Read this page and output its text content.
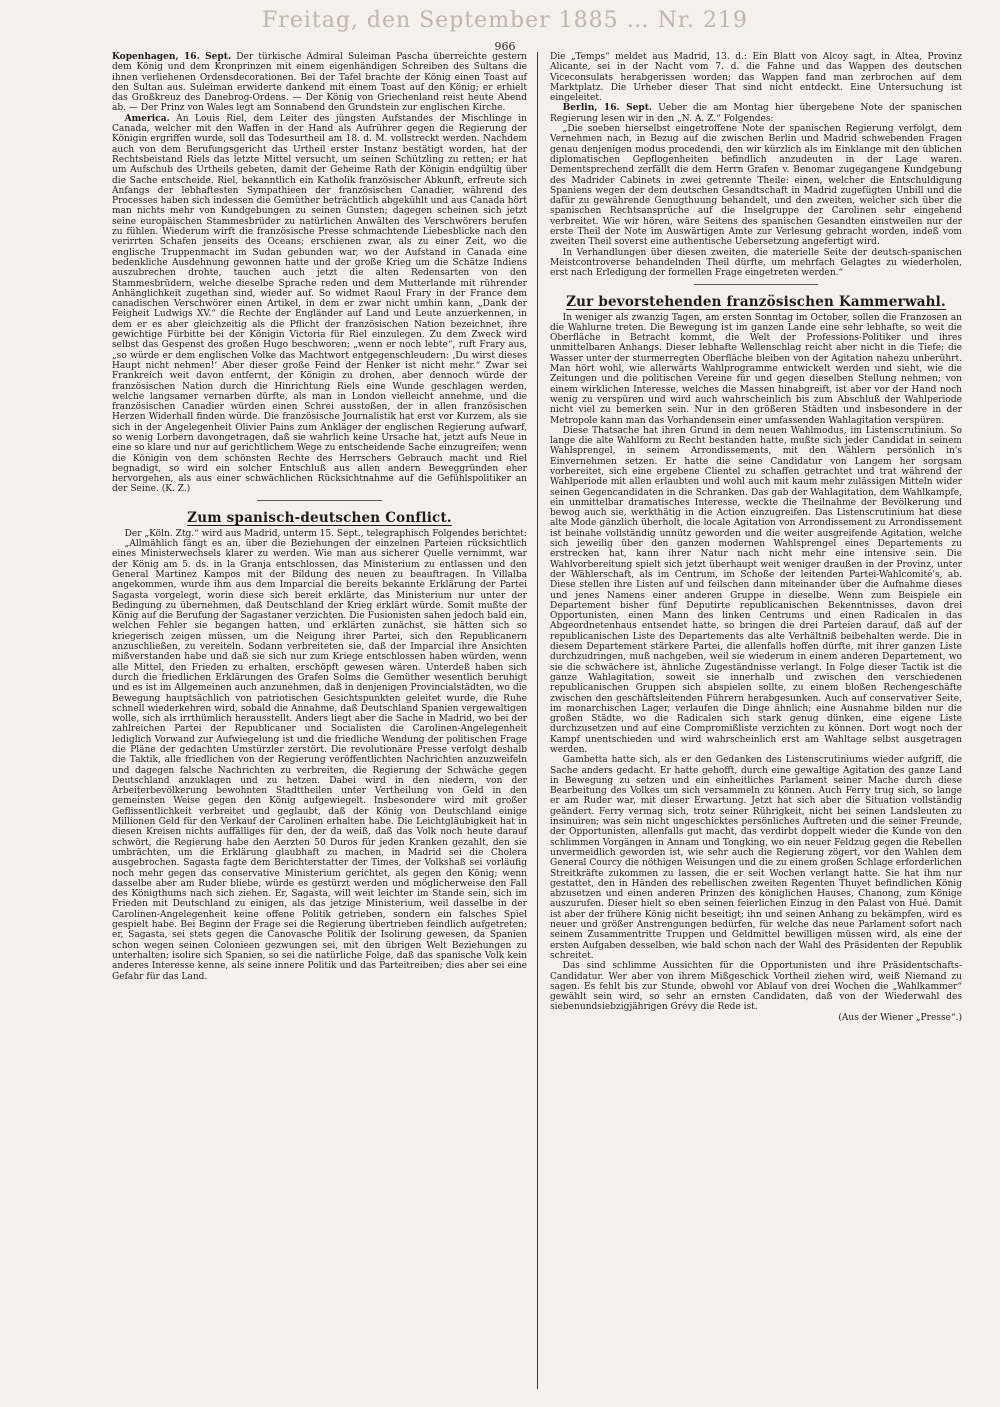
Freitag, den September 1885 … Nr. 219
966

Kopenhagen, 16. Sept. Der türkische Admiral Suleiman Pascha überreichte gestern dem König und dem Kronprinzen mit einem eigenhändigen Schreiben des Sultans die ihnen verliehenen Ordensdecorationen. Bei der Tafel brachte der König einen Toast auf den Sultan aus. Suleiman erwiderte dankend mit einem Toast auf den König; er erhielt das Großkreuz des Danebrog-Ordens. — Der König von Griechenland reist heute Abend ab. — Der Prinz von Wales legt am Sonnabend den Grundstein zur englischen Kirche.

America. An Louis Riel, dem Leiter des jüngsten Aufstandes der Mischlinge in Canada, welcher mit den Waffen in der Hand als Aufrührer gegen die Regierung der Königin ergriffen wurde, soll das Todesurtheil am 18. d. M. vollstreckt werden. Nachdem auch von dem Berufungsgericht das Urtheil erster Instanz bestätigt worden, hat der Rechtsbeistand Riels das letzte Mittel versucht, um seinen Schützling zu retten; er hat um Aufschub des Urtheils gebeten, damit der Geheime Rath der Königin endgültig über die Sache entscheide. Riel, bekanntlich ein Katholik französischer Abkunft, erfreute sich Anfangs der lebhaftesten Sympathieen der französischen Canadier, während des Processes haben sich indessen die Gemüther beträchtlich abgekühlt und aus Canada hört man nichts mehr von Kundgebungen zu seinen Gunsten; dagegen scheinen sich jetzt seine europäischen Stammesbrüder zu natürlichen Anwälten des Verschwörers berufen zu fühlen. Wiederum wirft die französische Presse schmachtende Liebesblicke nach den verirrten Schafen jenseits des Oceans; erschienen zwar, als zu einer Zeit, wo die englische Truppenmacht im Sudan gebunden war, wo der Aufstand in Canada eine bedenkliche Ausdehnung gewonnen hatte und der große Krieg um die Schätze Indiens auszubrechen drohte, tauchen auch jetzt die alten Redensarten von den Stammesbrüdern, welche dieselbe Sprache reden und dem Mutterlande mit rührender Anhänglichkeit zugethan sind, wieder auf. So widmet Raoul Frary in der France dem canadischen Verschwörer einen Artikel, in dem er zwar nicht umhin kann, „Dank der Feigheit Ludwigs XV.“ die Rechte der Engländer auf Land und Leute anzuerkennen, in dem er es aber gleichzeitig als die Pflicht der französischen Nation bezeichnet, ihre gewichtige Fürbitte bei der Königin Victoria für Riel einzulegen. Zu dem Zweck wird selbst das Gespenst des großen Hugo beschworen; „wenn er noch lebte“, ruft Frary aus, „so würde er dem englischen Volke das Machtwort entgegenschleudern: ‚Du wirst dieses Haupt nicht nehmen!‘ Aber dieser große Feind der Henker ist nicht mehr.“ Zwar sei Frankreich weit davon entfernt, der Königin zu drohen, aber dennoch würde der französischen Nation durch die Hinrichtung Riels eine Wunde geschlagen werden, welche langsamer vernarben dürfte, als man in London vielleicht annehme, und die französischen Canadier würden einen Schrei ausstoßen, der in allen französischen Herzen Widerhall finden würde. Die französische Journalistik hat erst vor Kurzem, als sie sich in der Angelegenheit Olivier Pains zum Ankläger der englischen Regierung aufwarf, so wenig Lorbern davongetragen, daß sie wahrlich keine Ursache hat, jetzt aufs Neue in eine so klare und nur auf gerichtlichem Wege zu entscheidende Sache einzugreifen; wenn die Königin von dem schönsten Rechte des Herrschers Gebrauch macht und Riel begnadigt, so wird ein solcher Entschluß aus allen andern Beweggründen eher hervorgehen, als aus einer schwächlichen Rücksichtnahme auf die Gefühlspolitiker an der Seine. (K. Z.)

Zum spanisch-deutschen Conflict.

Der „Köln. Ztg.“ wird aus Madrid, unterm 15. Sept., telegraphisch Folgendes berichtet:

„Allmählich fängt es an, über die Beziehungen der einzelnen Parteien rücksichtlich eines Ministerwechsels klarer zu werden. Wie man aus sicherer Quelle vernimmt, war der König am 5. ds. in la Granja entschlossen, das Ministerium zu entlassen und den General Martinez Kampos mit der Bildung des neuen zu beauftragen. In Villalba angekommen, wurde ihm aus dem Imparcial die bereits bekannte Erklärung der Partei Sagasta vorgelegt, worin diese sich bereit erklärte, das Ministerium nur unter der Bedingung zu übernehmen, daß Deutschland der Krieg erklärt würde. Somit mußte der König auf die Berufung der Sagastaner verzichten. Die Fusionisten sahen jedoch bald ein, welchen Fehler sie begangen hatten, und erklärten zunächst, sie hätten sich so kriegerisch zeigen müssen, um die Neigung ihrer Partei, sich den Republicanern anzuschließen, zu vereiteln. Sodann verbreiteten sie, daß der Imparcial ihre Ansichten mißverstanden habe und daß sie sich nur zum Kriege entschlossen haben würden, wenn alle Mittel, den Frieden zu erhalten, erschöpft gewesen wären. Unterdeß haben sich durch die friedlichen Erklärungen des Grafen Solms die Gemüther wesentlich beruhigt und es ist im Allgemeinen auch anzunehmen, daß in denjenigen Provincialstädten, wo die Bewegung hauptsächlich von patriotischen Gesichtspunkten geleitet wurde, die Ruhe schnell wiederkehren wird, sobald die Annahme, daß Deutschland Spanien vergewaltigen wolle, sich als irrthümlich herausstellt. Anders liegt aber die Sache in Madrid, wo bei der zahlreichen Partei der Republicaner und Socialisten die Carolinen-Angelegenheit lediglich Vorwand zur Aufwiegelung ist und die friedliche Wendung der politischen Frage die Pläne der gedachten Umstürzler zerstört. Die revolutionäre Presse verfolgt deshalb die Taktik, alle friedlichen von der Regierung veröffentlichten Nachrichten anzuzweifeln und dagegen falsche Nachrichten zu verbreiten, die Regierung der Schwäche gegen Deutschland anzuklagen und zu hetzen. Dabei wird in den niedern, von der Arbeiterbevölkerung bewohnten Stadttheilen unter Vertheilung von Geld in den gemeinsten Weise gegen den König aufgewiegelt. Insbesondere wird mit großer Geflissentlichkeit verbreitet und geglaubt, daß der König von Deutschland einige Millionen Geld für den Verkauf der Carolinen erhalten habe. Die Leichtgläubigkeit hat in diesen Kreisen nichts auffälliges für den, der da weiß, daß das Volk noch heute darauf schwört, die Regierung habe den Aerzten 50 Duros für jeden Kranken gezahlt, den sie umbrächten, um die Erklärung glaubhaft zu machen, in Madrid sei die Cholera ausgebrochen. Sagasta fagte dem Berichterstatter der Times, der Volkshaß sei vorläufig noch mehr gegen das conservative Ministerium gerichtet, als gegen den König; wenn dasselbe aber am Ruder bliebe, würde es gestürzt werden und möglicherweise den Fall des Königthums nach sich ziehen. Er, Sagasta, will weit leichter im Stande sein, sich im Frieden mit Deutschland zu einigen, als das jetzige Ministerium, weil dasselbe in der Carolinen-Angelegenheit keine offene Politik getrieben, sondern ein falsches Spiel gespielt habe. Bei Beginn der Frage sei die Regierung übertrieben feindlich aufgetreten; er, Sagasta, sei stets gegen die Canovasche Politik der Isolirung gewesen, da Spanien schon wegen seinen Colonieen gezwungen sei, mit den übrigen Welt Beziehungen zu unterhalten; isolire sich Spanien, so sei die natürliche Folge, daß das spanische Volk kein anderes Interesse kenne, als seine innere Politik und das Parteitreiben; dies aber sei eine Gefahr für das Land.

Die „Temps“ meldet aus Madrid, 13. d.: Ein Blatt von Alcoy sagt, in Altea, Provinz Alicante, sei in der Nacht vom 7. d. die Fahne und das Wappen des deutschen Viceconsulats herabgerissen worden; das Wappen fand man zerbrochen auf dem Marktplatz. Die Urheber dieser That sind nicht entdeckt. Eine Untersuchung ist eingeleitet.

Berlin, 16. Sept. Ueber die am Montag hier übergebene Note der spanischen Regierung lesen wir in den „N. A. Z.“ Folgendes:

„Die soeben hierselbst eingetroffene Note der spanischen Regierung verfolgt, dem Vernehmen nach, in Bezug auf die zwischen Berlin und Madrid schwebenden Fragen genau denjenigen modus procedendi, den wir kürzlich als im Einklange mit den üblichen diplomatischen Gepflogenheiten befindlich anzudeuten in der Lage waren. Dementsprechend zerfällt die dem Herrn Grafen v. Benomar zugegangene Kundgebung des Madrider Cabinets in zwei getrennte Theile: einen, welcher die Entschuldigung Spaniens wegen der dem deutschen Gesandtschaft in Madrid zugefügten Unbill und die dafür zu gewährende Genugthuung behandelt, und den zweiten, welcher sich über die spanischen Rechtsansprüche auf die Inselgruppe der Carolinen sehr eingehend verbreitet. Wie wir hören, wäre Seitens des spanischen Gesandten einstweilen nur der erste Theil der Note im Auswärtigen Amte zur Verlesung gebracht worden, indeß vom zweiten Theil soverst eine authentische Uebersetzung angefertigt wird.

In Verhandlungen über diesen zweiten, die materielle Seite der deutsch-spanischen Meistcontroverse behandelnden Theil dürfte, um mehrfach Gelagtes zu wiederholen, erst nach Erledigung der formellen Frage eingetreten werden.“

Zur bevorstehenden französischen Kammerwahl.

In weniger als zwanzig Tagen, am ersten Sonntag im October, sollen die Franzosen an die Wahlurne treten. Die Bewegung ist im ganzen Lande eine sehr lebhafte, so weit die Oberfläche in Betracht kommt, die Welt der Professions-Politiker und ihres unmittelbaren Anhangs. Dieser lebhafte Wellenschlag reicht aber nicht in die Tiefe; die Wasser unter der sturmerregten Oberfläche bleiben von der Agitation nahezu unberührt. Man hört wohl, wie allerwärts Wahlprogramme entwickelt werden und sieht, wie die Zeitungen und die politischen Vereine für und gegen dieselben Stellung nehmen; von einem wirklichen Interesse, welches die Massen hinabgreift, ist aber vor der Hand noch wenig zu verspüren und wird auch wahrscheinlich bis zum Abschluß der Wahlperiode nicht viel zu bemerken sein. Nur in den größeren Städten und insbesondere in der Metropole kann man das Vorhandensein einer umfassenden Wahlagitation verspüren.

Diese Thatsache hat ihren Grund in dem neuen Wahlmodus, im Listenscrutinium. So lange die alte Wahlform zu Recht bestanden hatte, mußte sich jeder Candidat in seinem Wahlsprengel, in seinem Arrondissements, mit den Wählern persönlich in's Einvernehmen setzen. Er hatte die seine Candidatur von Langem her sorgsam vorbereitet, sich eine ergebene Clientel zu schaffen getrachtet und trat während der Wahlperiode mit allen erlaubten und wohl auch mit kaum mehr zulässigen Mitteln wider seinen Gegencandidaten in die Schranken. Das gab der Wahlagitation, dem Wahlkampfe, ein unmittelbar dramatisches Interesse, weckte die Theilnahme der Bevölkerung und bewog auch sie, werkthätig in die Action einzugreifen. Das Listenscrutinium hat diese alte Mode gänzlich überholt, die locale Agitation von Arrondissement zu Arrondissement ist beinahe vollständig unnütz geworden und die weiter ausgreifende Agitation, welche sich jeweilig über den ganzen modernen Wahlsprengel eines Departements zu erstrecken hat, kann ihrer Natur nach nicht mehr eine intensive sein. Die Wahlvorbereitung spielt sich jetzt überhaupt weit weniger draußen in der Provinz, unter der Wählerschaft, als im Centrum, im Schoße der leitenden Partei-Wahlcomité's, ab. Diese stellen ihre Listen auf und feilschen dann miteinander über die Aufnahme dieses und jenes Namens einer anderen Gruppe in dieselbe. Wenn zum Beispiele ein Departement bisher fünf Deputirte republicanischen Bekenntnisses, davon drei Opportunisten, einen Mann des linken Centrums und einen Radicalen in das Abgeordnetenhaus entsendet hatte, so bringen die drei Parteien darauf, daß auf der republicanischen Liste des Departements das alte Verhältniß beibehalten werde. Die in diesem Departement stärkere Partei, die allenfalls hoffen dürfte, mit ihrer ganzen Liste durchzudringen, muß nachgeben, weil sie wiederum in einem anderen Departement, wo sie die schwächere ist, ähnliche Zugeständnisse verlangt. In Folge dieser Tactik ist die ganze Wahlagitation, soweit sie innerhalb und zwischen den verschiedenen republicanischen Gruppen sich abspielen sollte, zu einem bloßen Rechengeschäfte zwischen den geschäftsleitenden Führern herabgesunken. Auch auf conservativer Seite, im monarchischen Lager, verlaufen die Dinge ähnlich; eine Ausnahme bilden nur die großen Städte, wo die Radicalen sich stark genug dünken, eine eigene Liste durchzusetzen und auf eine Compromißliste verzichten zu können. Dort wogt noch der Kampf unentschieden und wird wahrscheinlich erst am Wahltage selbst ausgetragen werden.

Gambetta hatte sich, als er den Gedanken des Listenscrutiniums wieder aufgriff, die Sache anders gedacht. Er hatte gehofft, durch eine gewaltige Agitation des ganze Land in Bewegung zu setzen und ein einheitliches Parlament seiner Mache durch diese Bearbeitung des Volkes um sich versammeln zu können. Auch Ferry trug sich, so lange er am Ruder war, mit dieser Erwartung. Jetzt hat sich aber die Situation vollständig geändert. Ferry vermag sich, trotz seiner Rührigkeit, nicht bei seinen Landsleuten zu insinuiren; was sein nicht ungeschicktes persönliches Auftreten und die seiner Freunde, der Opportunisten, allenfalls gut macht, das verdirbt doppelt wieder die Kunde von den schlimmen Vorgängen in Annam und Tongking, wo ein neuer Feldzug gegen die Rebellen unvermeidlich geworden ist, wie sehr auch die Regierung zögert, vor den Wahlen dem General Courcy die nöthigen Weisungen und die zu einem großen Schlage erforderlichen Streitkräfte zukommen zu lassen, die er seit Wochen verlangt hatte. Sie hat ihm nur gestattet, den in Händen des rebellischen zweiten Regenten Thuyet befindlichen König abzusetzen und einen anderen Prinzen des königlichen Hauses, Chanong, zum Könige auszurufen. Dieser hielt so eben seinen feierlichen Einzug in den Palast von Hué. Damit ist aber der frühere König nicht beseitigt; ihn und seinen Anhang zu bekämpfen, wird es neuer und größer Anstrengungen bedürfen, für welche das neue Parlament sofort nach seinem Zusammentritte Truppen und Geldmittel bewilligen müssen wird, als eine der ersten Aufgaben desselben, wie bald schon nach der Wahl des Präsidenten der Republik schreitet.

Das sind schlimme Aussichten für die Opportunisten und ihre Präsidentschafts-Candidatur. Wer aber von ihrem Mißgeschick Vortheil ziehen wird, weiß Niemand zu sagen. Es fehlt bis zur Stunde, obwohl vor Ablauf von drei Wochen die „Wahlkammer“ gewählt sein wird, so sehr an ernsten Candidaten, daß von der Wiederwahl des siebenundsiebzigjährigen Grévy die Rede ist.

(Aus der Wiener „Presse“.)
